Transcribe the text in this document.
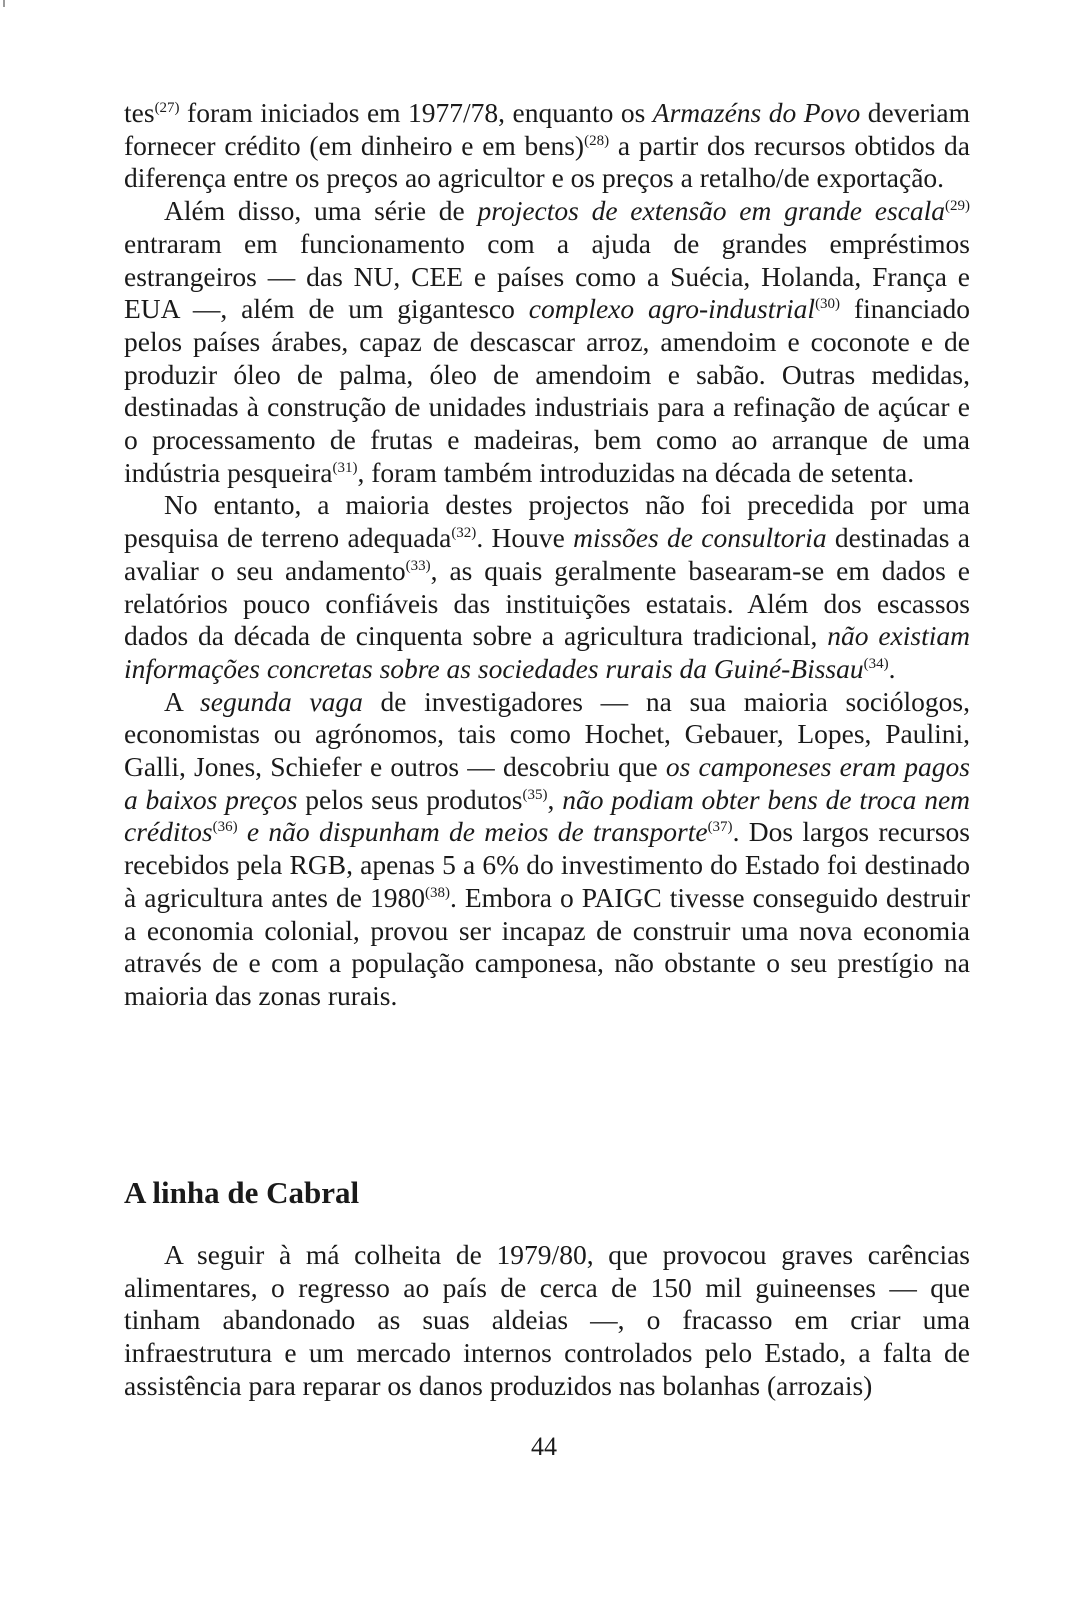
tes$^{(27)}$ foram iniciados em 1977/78, enquanto os Armazéns do Povo deveriam fornecer crédito (em dinheiro e em bens)$^{(28)}$ a partir dos recursos obtidos da diferença entre os preços ao agricultor e os preços a retalho/de exportação.

Além disso, uma série de projectos de extensão em grande escala$^{(29)}$ entraram em funcionamento com a ajuda de grandes empréstimos estrangeiros — das NU, CEE e países como a Suécia, Holanda, França e EUA —, além de um gigantesco complexo agro-industrial$^{(30)}$ financiado pelos países árabes, capaz de descascar arroz, amendoim e coconote e de produzir óleo de palma, óleo de amendoim e sabão. Outras medidas, destinadas à construção de unidades industriais para a refinação de açúcar e o processamento de frutas e madeiras, bem como ao arranque de uma indústria pesqueira$^{(31)}$, foram também introduzidas na década de setenta.

No entanto, a maioria destes projectos não foi precedida por uma pesquisa de terreno adequada$^{(32)}$. Houve missões de consultoria destinadas a avaliar o seu andamento$^{(33)}$, as quais geralmente basearam-se em dados e relatórios pouco confiáveis das instituições estatais. Além dos escassos dados da década de cinquenta sobre a agricultura tradicional, não existiam informações concretas sobre as sociedades rurais da Guiné-Bissau$^{(34)}$.

A segunda vaga de investigadores — na sua maioria sociólogos, economistas ou agrónomos, tais como Hochet, Gebauer, Lopes, Paulini, Galli, Jones, Schiefer e outros — descobriu que os camponeses eram pagos a baixos preços pelos seus produtos$^{(35)}$, não podiam obter bens de troca nem créditos$^{(36)}$ e não dispunham de meios de transporte$^{(37)}$. Dos largos recursos recebidos pela RGB, apenas 5 a 6% do investimento do Estado foi destinado à agricultura antes de 1980$^{(38)}$. Embora o PAIGC tivesse conseguido destruir a economia colonial, provou ser incapaz de construir uma nova economia através de e com a população camponesa, não obstante o seu prestígio na maioria das zonas rurais.

A linha de Cabral

A seguir à má colheita de 1979/80, que provocou graves carências alimentares, o regresso ao país de cerca de 150 mil guineenses — que tinham abandonado as suas aldeias —, o fracasso em criar uma infraestrutura e um mercado internos controlados pelo Estado, a falta de assistência para reparar os danos produzidos nas bolanhas (arrozais)

44
